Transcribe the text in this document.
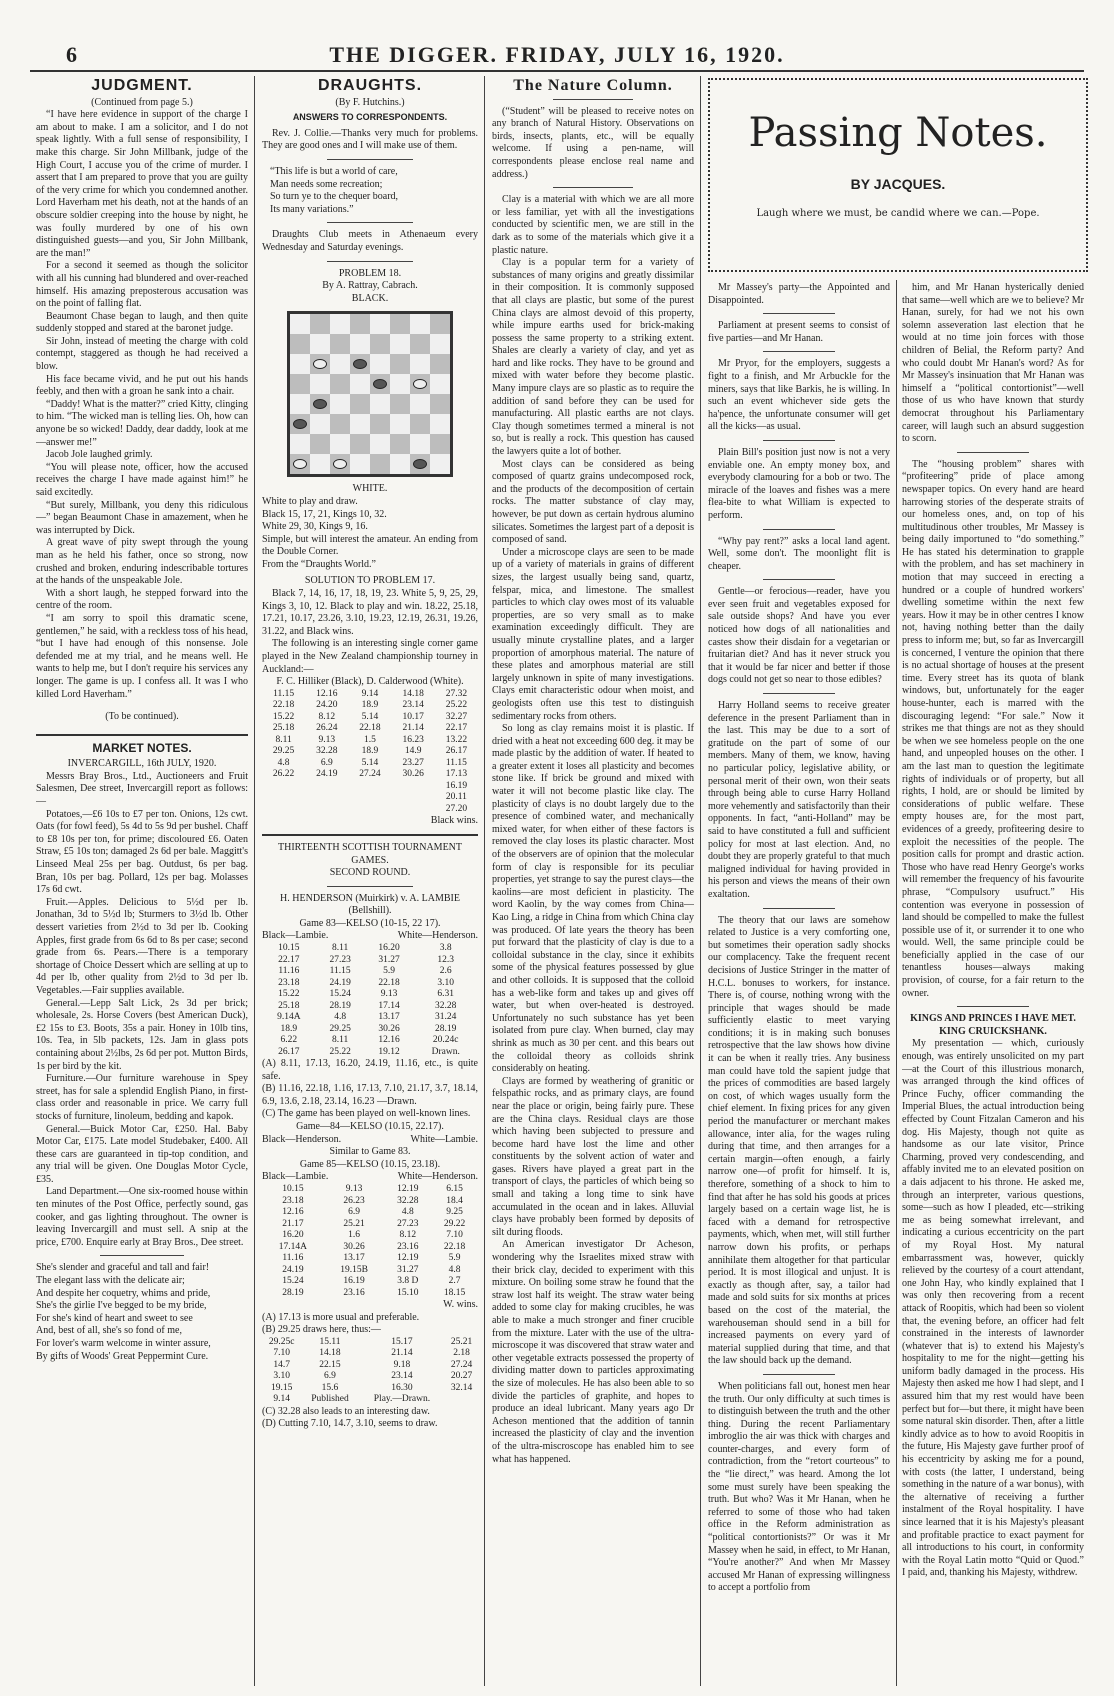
6	THE DIGGER. FRIDAY, JULY 16, 1920.
JUDGMENT.
(Continued from page 5.)

“I have here evidence in support of the charge I am about to make. I am a solicitor, and I do not speak lightly. With a full sense of responsibility, I make this charge. Sir John Millbank, judge of the High Court, I accuse you of the crime of murder. I assert that I am prepared to prove that you are guilty of the very crime for which you condemned another. Lord Haverham met his death, not at the hands of an obscure soldier creeping into the house by night, he was foully murdered by one of his own distinguished guests—and you, Sir John Millbank, are the man!”

For a second it seemed as though the solicitor with all his cunning had blundered and over-reached himself. His amazing preposterous accusation was on the point of falling flat.

Beaumont Chase began to laugh, and then quite suddenly stopped and stared at the baronet judge.

Sir John, instead of meeting the charge with cold contempt, staggered as though he had received a blow.

His face became vivid, and he put out his hands feebly, and then with a groan he sank into a chair.

“Daddy! What is the matter?” cried Kitty, clinging to him. “The wicked man is telling lies. Oh, how can anyone be so wicked! Daddy, dear daddy, look at me—answer me!”

Jacob Jole laughed grimly.

“You will please note, officer, how the accused receives the charge I have made against him!” he said excitedly.

“But surely, Millbank, you deny this ridiculous—” began Beaumont Chase in amazement, when he was interrupted by Dick.

A great wave of pity swept through the young man as he held his father, once so strong, now crushed and broken, enduring indescribable tortures at the hands of the unspeakable Jole.

With a short laugh, he stepped forward into the centre of the room.

“I am sorry to spoil this dramatic scene, gentlemen,” he said, with a reckless toss of his head, “but I have had enough of this nonsense. Jole defended me at my trial, and he means well. He wants to help me, but I don't require his services any longer. The game is up. I confess all. It was I who killed Lord Haverham.”

(To be continued).
MARKET NOTES.
INVERCARGILL, 16th JULY, 1920.

Messrs Bray Bros., Ltd., Auctioneers and Fruit Salesmen, Dee street, Invercargill report as follows:—

Potatoes,—£6 10s to £7 per ton. Onions, 12s cwt. Oats (for fowl feed), 5s 4d to 5s 9d per bushel. Chaff to £8 10s per ton, for prime; discoloured £6. Oaten Straw, £5 10s ton; damaged 2s 6d per bale. Maggitt's Linseed Meal 25s per bag. Outdust, 6s per bag. Bran, 10s per bag. Pollard, 12s per bag. Molasses 17s 6d cwt.

Fruit.—Apples. Delicious to 5½d per lb. Jonathan, 3d to 5½d lb; Sturmers to 3½d lb. Other dessert varieties from 2½d to 3d per lb. Cooking Apples, first grade from 6s 6d to 8s per case; second grade from 6s. Pears.—There is a temporary shortage of Choice Dessert which are selling at up to 4d per lb, other quality from 2½d to 3d per lb. Vegetables.—Fair supplies available.

General.—Lepp Salt Lick, 2s 3d per brick; wholesale, 2s. Horse Covers (best American Duck), £2 15s to £3. Boots, 35s a pair. Honey in 10lb tins, 10s. Tea, in 5lb packets, 12s. Jam in glass pots containing about 2½lbs, 2s 6d per pot. Mutton Birds, 1s per bird by the kit.

Furniture.—Our furniture warehouse in Spey street, has for sale a splendid English Piano, in first-class order and reasonable in price. We carry full stocks of furniture, linoleum, bedding and kapok.

General.—Buick Motor Car, £250. Hal. Baby Motor Car, £175. Late model Studebaker, £400. All these cars are guaranteed in tip-top condition, and any trial will be given. One Douglas Motor Cycle, £35.

Land Department.—One six-roomed house within ten minutes of the Post Office, perfectly sound, gas cooker, and gas lighting throughout. The owner is leaving Invercargill and must sell. A snip at the price, £700. Enquire early at Bray Bros., Dee street.

She's slender and graceful and tall and fair!
The elegant lass with the delicate air;
And despite her coquetry, whims and pride,
She's the girlie I've begged to be my bride,
For she's kind of heart and sweet to see
And, best of all, she's so fond of me,
For lover's warm welcome in winter assure,
By gifts of Woods' Great Peppermint Cure.
DRAUGHTS.
(By F. Hutchins.)
ANSWERS TO CORRESPONDENTS.

Rev. J. Collie.—Thanks very much for problems. They are good ones and I will make use of them.

“This life is but a world of care,
Man needs some recreation;
So turn ye to the chequer board,
Its many variations.”

Draughts Club meets in Athenaeum every Wednesday and Saturday evenings.

PROBLEM 18.
By A. Rattray, Cabrach.
BLACK.
WHITE.
White to play and draw.
Black 15, 17, 21, Kings 10, 32.
White 29, 30, Kings 9, 16.
Simple, but will interest the amateur. An ending from the Double Corner.
From the “Draughts World.”
SOLUTION TO PROBLEM 17.

Black 7, 14, 16, 17, 18, 19, 23. White 5, 9, 25, 29, Kings 3, 10, 12. Black to play and win. 18.22, 25.18, 17.21, 10.17, 23.26, 3.10, 19.23, 12.19, 26.31, 19.26, 31.22, and Black wins.

The following is an interesting single corner game played in the New Zealand championship tourney in Auckland:—

F. C. Hilliker (Black), D. Calderwood (White).
11.15	12.16	9.14	14.18	27.32
22.18	24.20	18.9	23.14	25.22
15.22	8.12	5.14	10.17	32.27
25.18	26.24	22.18	21.14	22.17
8.11	9.13	1.5	16.23	13.22
29.25	32.28	18.9	14.9	26.17
4.8	6.9	5.14	23.27	11.15
26.22	24.19	27.24	30.26	17.13
				16.19
				20.11
				27.20
Black wins.
THIRTEENTH SCOTTISH TOURNAMENT GAMES.
SECOND ROUND.
H. HENDERSON (Muirkirk) v. A. LAMBIE (Bellshill).
Game 83—KELSO (10-15, 22 17).
Black—Lambie.	White—Henderson.
10.15	8.11	16.20	3.8
22.17	27.23	31.27	12.3
11.16	11.15	5.9	2.6
23.18	24.19	22.18	3.10
15.22	15.24	9.13	6.31
25.18	28.19	17.14	32.28
9.14A	4.8	13.17	31.24
18.9	29.25	30.26	28.19
6.22	8.11	12.16	20.24c
26.17	25.22	19.12	Drawn.
(A) 8.11, 17.13, 16.20, 24.19, 11.16, etc., is quite safe.
(B) 11.16, 22.18, 1.16, 17.13, 7.10, 21.17, 3.7, 18.14, 6.9, 13.6, 2.18, 23.14, 16.23 —Drawn.
(C) The game has been played on well-known lines.
Game—84—KELSO (10.15, 22.17).
Black—Henderson.	White—Lambie.
Similar to Game 83.
Game 85—KELSO (10.15, 23.18).
Black—Lambie.	White—Henderson.
10.15	9.13	12.19	6.15
23.18	26.23	32.28	18.4
12.16	6.9	4.8	9.25
21.17	25.21	27.23	29.22
16.20	1.6	8.12	7.10
17.14A	30.26	23.16	22.18
11.16	13.17	12.19	5.9
24.19	19.15B	31.27	4.8
15.24	16.19	3.8 D	2.7
28.19	23.16	15.10	18.15
W. wins.
(A) 17.13 is more usual and preferable.
(B) 29.25 draws here, thus:—
29.25c	15.11	15.17	25.21
7.10	14.18	21.14	2.18
14.7	22.15	9.18	27.24
3.10	6.9	23.14	20.27
19.15	15.6	16.30	32.14
9.14	Published	Play.—Drawn.	
(C) 32.28 also leads to an interesting daw.
(D) Cutting 7.10, 14.7, 3.10, seems to draw.
The Nature Column.

(“Student” will be pleased to receive notes on any branch of Natural History. Observations on birds, insects, plants, etc., will be equally welcome. If using a pen-name, will correspondents please enclose real name and address.)

Clay is a material with which we are all more or less familiar, yet with all the investigations conducted by scientific men, we are still in the dark as to some of the materials which give it a plastic nature.

Clay is a popular term for a variety of substances of many origins and greatly dissimilar in their composition. It is commonly supposed that all clays are plastic, but some of the purest China clays are almost devoid of this property, while impure earths used for brick-making possess the same property to a striking extent. Shales are clearly a variety of clay, and yet as hard and like rocks. They have to be ground and mixed with water before they become plastic. Many impure clays are so plastic as to require the addition of sand before they can be used for manufacturing. All plastic earths are not clays. Clay though sometimes termed a mineral is not so, but is really a rock. This question has caused the lawyers quite a lot of bother.

Most clays can be considered as being composed of quartz grains undecomposed rock, and the products of the decomposition of certain rocks. The matter substance of clay may, however, be put down as certain hydrous alumino silicates. Sometimes the largest part of a deposit is composed of sand.

Under a microscope clays are seen to be made up of a variety of materials in grains of different sizes, the largest usually being sand, quartz, felspar, mica, and limestone. The smallest particles to which clay owes most of its valuable properties, are so very small as to make examination exceedingly difficult. They are usually minute crystalline plates, and a larger proportion of amorphous material. The nature of these plates and amorphous material are still largely unknown in spite of many investigations. Clays emit characteristic odour when moist, and geologists often use this test to distinguish sedimentary rocks from others.

So long as clay remains moist it is plastic. If dried with a heat not exceeding 600 deg. it may be made plastic by the addition of water. If heated to a greater extent it loses all plasticity and becomes stone like. If brick be ground and mixed with water it will not become plastic like clay. The plasticity of clays is no doubt largely due to the presence of combined water, and mechanically mixed water, for when either of these factors is removed the clay loses its plastic character. Most of the observers are of opinion that the molecular form of clay is responsible for its peculiar properties, yet strange to say the purest clays—the kaolins—are most deficient in plasticity. The word Kaolin, by the way comes from China—Kao Ling, a ridge in China from which China clay was produced. Of late years the theory has been put forward that the plasticity of clay is due to a colloidal substance in the clay, since it exhibits some of the physical features possessed by glue and other colloids. It is supposed that the colloid has a web-like form and takes up and gives off water, but when over-heated is destroyed. Unfortunately no such substance has yet been isolated from pure clay. When burned, clay may shrink as much as 30 per cent. and this bears out the colloidal theory as colloids shrink considerably on heating.

Clays are formed by weathering of granitic or felspathic rocks, and as primary clays, are found near the place or origin, being fairly pure. These are the China clays. Residual clays are those which having been subjected to pressure and become hard have lost the lime and other constituents by the solvent action of water and gases. Rivers have played a great part in the transport of clays, the particles of which being so small and taking a long time to sink have accumulated in the ocean and in lakes. Alluvial clays have probably been formed by deposits of silt during floods.

An American investigator Dr Acheson, wondering why the Israelites mixed straw with their brick clay, decided to experiment with this mixture. On boiling some straw he found that the straw lost half its weight. The straw water being added to some clay for making crucibles, he was able to make a much stronger and finer crucible from the mixture. Later with the use of the ultra-microscope it was discovered that straw water and other vegetable extracts possessed the property of dividing matter down to particles approximating the size of molecules. He has also been able to so divide the particles of graphite, and hopes to produce an ideal lubricant. Many years ago Dr Acheson mentioned that the addition of tannin increased the plasticity of clay and the invention of the ultra-miscroscope has enabled him to see what has happened.

Passing Notes.
BY JACQUES.
Laugh where we must, be candid where we can.—Pope.

Mr Massey's party—the Appointed and Disappointed.

Parliament at present seems to consist of five parties—and Mr Hanan.

Mr Pryor, for the employers, suggests a fight to a finish, and Mr Arbuckle for the miners, says that like Barkis, he is willing. In such an event whichever side gets the ha'pence, the unfortunate consumer will get all the kicks—as usual.

Plain Bill's position just now is not a very enviable one. An empty money box, and everybody clamouring for a bob or two. The miracle of the loaves and fishes was a mere flea-bite to what William is expected to perform.

“Why pay rent?” asks a local land agent. Well, some don't. The moonlight flit is cheaper.

Gentle—or ferocious—reader, have you ever seen fruit and vegetables exposed for sale outside shops? And have you ever noticed how dogs of all nationalities and castes show their disdain for a vegetarian or fruitarian diet? And has it never struck you that it would be far nicer and better if those dogs could not get so near to those edibles?

Harry Holland seems to receive greater deference in the present Parliament than in the last. This may be due to a sort of gratitude on the part of some of our members. Many of them, we know, having no particular policy, legislative ability, or personal merit of their own, won their seats through being able to curse Harry Holland more vehemently and satisfactorily than their opponents. In fact, “anti-Holland” may be said to have constituted a full and sufficient policy for most at last election. And, no doubt they are properly grateful to that much maligned individual for having provided in his person and views the means of their own exaltation.

The theory that our laws are somehow related to Justice is a very comforting one, but sometimes their operation sadly shocks our complacency. Take the frequent recent decisions of Justice Stringer in the matter of H.C.L. bonuses to workers, for instance. There is, of course, nothing wrong with the principle that wages should be made sufficiently elastic to meet varying conditions; it is in making such bonuses retrospective that the law shows how divine it can be when it really tries. Any business man could have told the sapient judge that the prices of commodities are based largely on cost, of which wages usually form the chief element. In fixing prices for any given period the manufacturer or merchant makes allowance, inter alia, for the wages ruling during that time, and then arranges for a certain margin—often enough, a fairly narrow one—of profit for himself. It is, therefore, something of a shock to him to find that after he has sold his goods at prices largely based on a certain wage list, he is faced with a demand for retrospective payments, which, when met, will still further narrow down his profits, or perhaps annihilate them altogether for that particular period. It is most illogical and unjust. It is exactly as though after, say, a tailor had made and sold suits for six months at prices based on the cost of the material, the warehouseman should send in a bill for increased payments on every yard of material supplied during that time, and that the law should back up the demand.

When politicians fall out, honest men hear the truth. Our only difficulty at such times is to distinguish between the truth and the other thing. During the recent Parliamentary imbroglio the air was thick with charges and counter-charges, and every form of contradiction, from the “retort courteous” to the “lie direct,” was heard. Among the lot some must surely have been speaking the truth. But who? Was it Mr Hanan, when he referred to some of those who had taken office in the Reform administration as “political contortionists?” Or was it Mr Massey when he said, in effect, to Mr Hanan, “You're another?” And when Mr Massey accused Mr Hanan of expressing willingness to accept a portfolio from

him, and Mr Hanan hysterically denied that same—well which are we to believe? Mr Hanan, surely, for had we not his own solemn asseveration last election that he would at no time join forces with those children of Belial, the Reform party? And who could doubt Mr Hanan's word? As for Mr Massey's insinuation that Mr Hanan was himself a “political contortionist”—well those of us who have known that sturdy democrat throughout his Parliamentary career, will laugh such an absurd suggestion to scorn.

The “housing problem” shares with “profiteering” pride of place among newspaper topics. On every hand are heard harrowing stories of the desperate straits of our homeless ones, and, on top of his multitudinous other troubles, Mr Massey is being daily importuned to “do something.” He has stated his determination to grapple with the problem, and has set machinery in motion that may succeed in erecting a hundred or a couple of hundred workers' dwelling sometime within the next few years. How it may be in other centres I know not, having nothing better than the daily press to inform me; but, so far as Invercargill is concerned, I venture the opinion that there is no actual shortage of houses at the present time. Every street has its quota of blank windows, but, unfortunately for the eager house-hunter, each is marred with the discouraging legend: “For sale.” Now it strikes me that things are not as they should be when we see homeless people on the one hand, and unpeopled houses on the other. I am the last man to question the legitimate rights of individuals or of property, but all rights, I hold, are or should be limited by considerations of public welfare. These empty houses are, for the most part, evidences of a greedy, profiteering desire to exploit the necessities of the people. The position calls for prompt and drastic action. Those who have read Henry George's works will remember the frequency of his favourite phrase, “Compulsory usufruct.” His contention was everyone in possession of land should be compelled to make the fullest possible use of it, or surrender it to one who would. Well, the same principle could be beneficially applied in the case of our tenantless houses—always making provision, of course, for a fair return to the owner.

KINGS AND PRINCES I HAVE MET. KING CRUICKSHANK.

My presentation — which, curiously enough, was entirely unsolicited on my part—at the Court of this illustrious monarch, was arranged through the kind offices of Prince Fuchy, officer commanding the Imperial Blues, the actual introduction being effected by Count Fitzalan Cameron and his dog. His Majesty, though not quite as handsome as our late visitor, Prince Charming, proved very condescending, and affably invited me to an elevated position on a dais adjacent to his throne. He asked me, through an interpreter, various questions, some—such as how I pleaded, etc—striking me as being somewhat irrelevant, and indicating a curious eccentricity on the part of my Royal Host. My natural embarrassment was, however, quickly relieved by the courtesy of a court attendant, one John Hay, who kindly explained that I was only then recovering from a recent attack of Roopitis, which had been so violent that, the evening before, an officer had felt constrained in the interests of lawnorder (whatever that is) to extend his Majesty's hospitality to me for the night—getting his uniform badly damaged in the process. His Majesty then asked me how I had slept, and I assured him that my rest would have been perfect but for—but there, it might have been some natural skin disorder. Then, after a little kindly advice as to how to avoid Roopitis in the future, His Majesty gave further proof of his eccentricity by asking me for a pound, with costs (the latter, I understand, being something in the nature of a war bonus), with the alternative of receiving a further instalment of the Royal hospitality. I have since learned that it is his Majesty's pleasant and profitable practice to exact payment for all introductions to his court, in conformity with the Royal Latin motto “Quid or Quod.” I paid, and, thanking his Majesty, withdrew.
